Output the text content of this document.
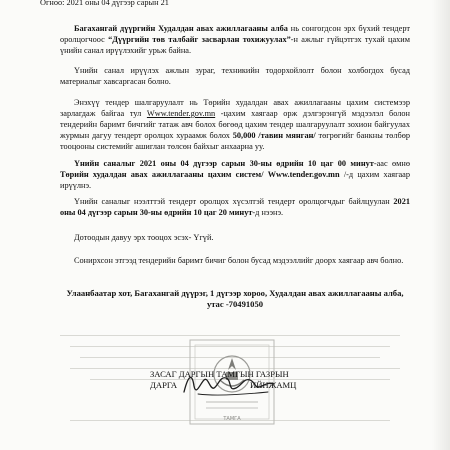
Огноо: 2021 оны 04 дүгээр сарын 21

Багахангай дүүргийн Худалдан авах ажиллагааны алба нь сонгогдсон эрх бүхий тендерт оролцогчоос “Дүүргийн төв талбайг засварлан тохижуулах”-н ажлыг гүйцэтгэх тухай цахим үнийн санал ирүүлэхийг урьж байна.

Үнийн санал ирүүлэх ажлын зураг, техникийн тодорхойлолт болон холбогдох бусад материалыг хавсаргасан болно.

Энэхүү тендер шалгаруулалт нь Төрийн худалдан авах ажиллагааны цахим системээр зарлагдаж байгаа тул Www.tender.gov.mn -цахим хаягаар орж дэлгэрэнгүй мэдээлэл болон тендерийн баримт бичгийг татаж авч болох бөгөөд цахим тендер шалгаруулалт зохион байгуулах журмын дагуу тендерт оролцох хураамж болох 50,000 /тавин мянган/ төгрөгийг банкны төлбөр тооцооны системийг ашиглан төлсөн байхыг анхаарна уу.

Үнийн саналыг 2021 оны 04 дүгээр сарын 30-ны өдрийн 10 цаг 00 минут-аас өмнө Төрийн худалдан авах ажиллагааны цахим систем/ Www.tender.gov.mn /-д цахим хаягаар ирүүлнэ.

Үнийн саналыг нээлттэй тендерт оролцох хүсэлтэй тендерт оролцогчдыг байлцуулан 2021 оны 04 дүгээр сарын 30-ны өдрийн 10 цаг 20 минут-д нээнэ.

Дотоодын давуу эрх тооцох эсэх- Үгүй.

Сонирхсон этгээд тендерийн баримт бичиг болон бусад мэдээллийг доорх хаягаар авч болно.

Улаанбаатар хот, Багахангай дүүрэг, 1 дүгээр хороо, Худалдан авах ажиллагааны алба, утас -70491050

ТАМГА
ЗАСАГ ДАРГЫН ТАМГЫН ГАЗРЫН
ДАРГА	ИЙНЖАМЦ
